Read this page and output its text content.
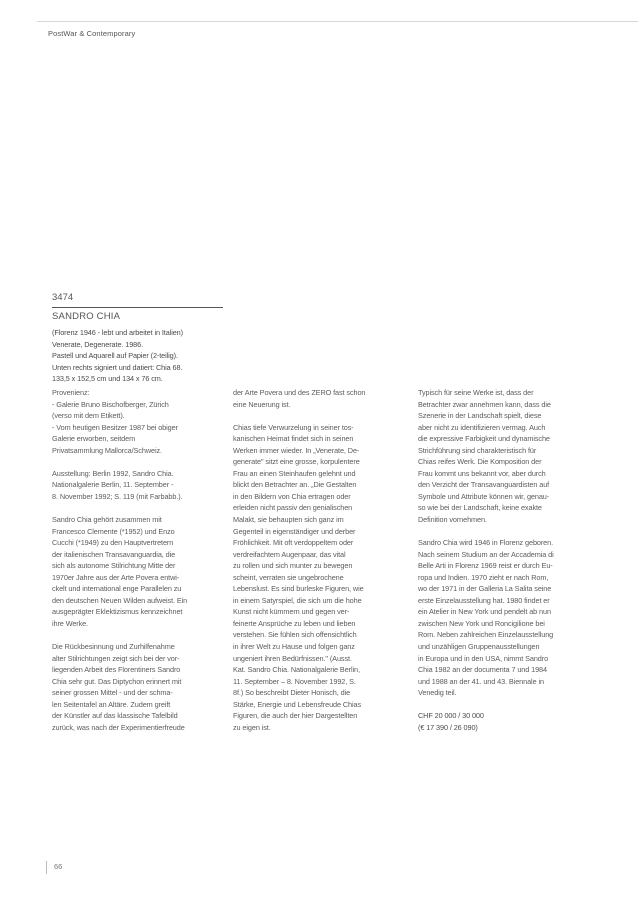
PostWar & Contemporary
3474
SANDRO CHIA
(Florenz 1946 - lebt und arbeitet in Italien)
Venerate, Degenerate. 1986.
Pastell und Aquarell auf Papier (2-teilig).
Unten rechts signiert und datiert: Chia 68.
133,5 x 152,5 cm und 134 x 76 cm.
Provenienz:
- Galerie Bruno Bischofberger, Zürich
(verso mit dem Etikett).
- Vom heutigen Besitzer 1987 bei obiger
Galerie erworben, seitdem
Privatsammlung Mallorca/Schweiz.
Ausstellung: Berlin 1992, Sandro Chia.
Nationalgalerie Berlin, 11. September -
8. November 1992; S. 119 (mit Farbabb.).
Sandro Chia gehört zusammen mit
Francesco Clemente (*1952) und Enzo
Cucchi (*1949) zu den Hauptvertretern
der italienischen Transavanguardia, die
sich als autonome Stilrichtung Mitte der
1970er Jahre aus der Arte Povera entwi-
ckelt und international enge Parallelen zu
den deutschen Neuen Wilden aufweist. Ein
ausgeprägter Eklektizismus kennzeichnet
ihre Werke.
Die Rückbesinnung und Zurhilfenahme
alter Stilrichtungen zeigt sich bei der vor-
liegenden Arbeit des Florentiners Sandro
Chia sehr gut. Das Diptychon erinnert mit
seiner grossen Mittel - und der schma-
len Seitentafel an Altäre. Zudem greift
der Künstler auf das klassische Tafelbild
zurück, was nach der Experimentierfreude
der Arte Povera und des ZERO fast schon
eine Neuerung ist.
Chias tiefe Verwurzelung in seiner tos-
kanischen Heimat findet sich in seinen
Werken immer wieder. In „Venerate, De-
generate" sitzt eine grosse, korpulentere
Frau an einen Steinhaufen gelehnt und
blickt den Betrachter an. „Die Gestalten
in den Bildern von Chia ertragen oder
erleiden nicht passiv den genialischen
Malakt, sie behaupten sich ganz im
Gegenteil in eigenständiger und derber
Fröhlichkeit. Mit oft verdoppeltem oder
verdreifachtem Augenpaar, das vital
zu rollen und sich munter zu bewegen
scheint, verraten sie ungebrochene
Lebenslust. Es sind burleske Figuren, wie
in einem Satyrspiel, die sich um die hohe
Kunst nicht kümmern und gegen ver-
feinerte Ansprüche zu leben und lieben
verstehen. Sie fühlen sich offensichtlich
in ihrer Welt zu Hause und folgen ganz
ungeniert ihren Bedürfnissen." (Ausst.
Kat. Sandro Chia. Nationalgalerie Berlin,
11. September – 8. November 1992, S.
8f.) So beschreibt Dieter Honisch, die
Stärke, Energie und Lebensfreude Chias
Figuren, die auch der hier Dargestellten
zu eigen ist.
Typisch für seine Werke ist, dass der
Betrachter zwar annehmen kann, dass die
Szenerie in der Landschaft spielt, diese
aber nicht zu identifizieren vermag. Auch
die expressive Farbigkeit und dynamische
Strichführung sind charakteristisch für
Chias reifes Werk. Die Komposition der
Frau kommt uns bekannt vor, aber durch
den Verzicht der Transavanguardisten auf
Symbole und Attribute können wir, genau-
so wie bei der Landschaft, keine exakte
Definition vornehmen.
Sandro Chia wird 1946 in Florenz geboren.
Nach seinem Studium an der Accademia di
Belle Arti in Florenz 1969 reist er durch Eu-
ropa und Indien. 1970 zieht er nach Rom,
wo der 1971 in der Galleria La Salita seine
erste Einzelausstellung hat. 1980 findet er
ein Atelier in New York und pendelt ab nun
zwischen New York und Roncigilione bei
Rom. Neben zahlreichen Einzelausstellung
und unzähligen Gruppenausstellungen
in Europa und in den USA, nimmt Sandro
Chia 1982 an der documenta 7 und 1984
und 1988 an der 41. und 43. Biennale in
Venedig teil.
CHF 20 000 / 30 000
(€ 17 390 / 26 090)
66
